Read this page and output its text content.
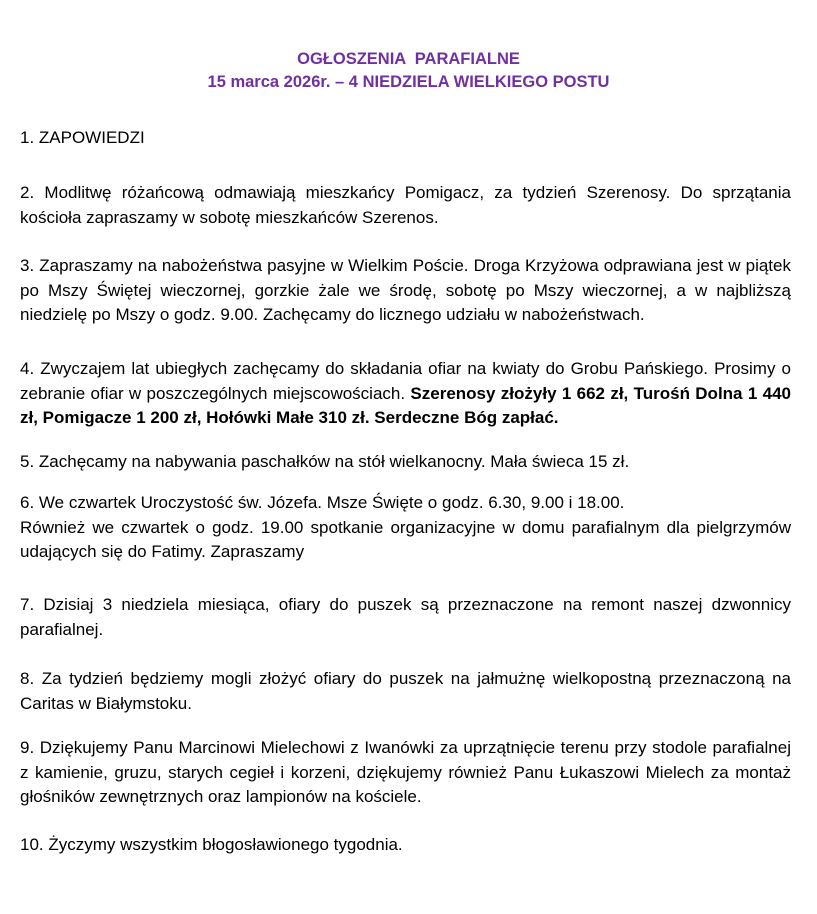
OGŁOSZENIA  PARAFIALNE
15 marca 2026r. – 4 NIEDZIELA WIELKIEGO POSTU

1. ZAPOWIEDZI

2. Modlitwę różańcową odmawiają mieszkańcy Pomigacz, za tydzień Szerenosy. Do sprzątania kościoła zapraszamy w sobotę mieszkańców Szerenos.

3. Zapraszamy na nabożeństwa pasyjne w Wielkim Poście. Droga Krzyżowa odprawiana jest w piątek po Mszy Świętej wieczornej, gorzkie żale we środę, sobotę po Mszy wieczornej, a w najbliższą niedzielę po Mszy o godz. 9.00. Zachęcamy do licznego udziału w nabożeństwach.

4. Zwyczajem lat ubiegłych zachęcamy do składania ofiar na kwiaty do Grobu Pańskiego. Prosimy o zebranie ofiar w poszczególnych miejscowościach. Szerenosy złożyły 1 662 zł, Turośń Dolna 1 440 zł, Pomigacze 1 200 zł, Hołówki Małe 310 zł. Serdeczne Bóg zapłać.

5. Zachęcamy na nabywania paschałków na stół wielkanocny. Mała świeca 15 zł.

6. We czwartek Uroczystość św. Józefa. Msze Święte o godz. 6.30, 9.00 i 18.00.

Również we czwartek o godz. 19.00 spotkanie organizacyjne w domu parafialnym dla pielgrzymów udających się do Fatimy. Zapraszamy

7. Dzisiaj 3 niedziela miesiąca, ofiary do puszek są przeznaczone na remont naszej dzwonnicy parafialnej.

8. Za tydzień będziemy mogli złożyć ofiary do puszek na jałmużnę wielkopostną przeznaczoną na Caritas w Białymstoku.

9. Dziękujemy Panu Marcinowi Mielechowi z Iwanówki za uprzątnięcie terenu przy stodole parafialnej z kamienie, gruzu, starych cegieł i korzeni, dziękujemy również Panu Łukaszowi Mielech za montaż głośników zewnętrznych oraz lampionów na kościele.

10. Życzymy wszystkim błogosławionego tygodnia.
